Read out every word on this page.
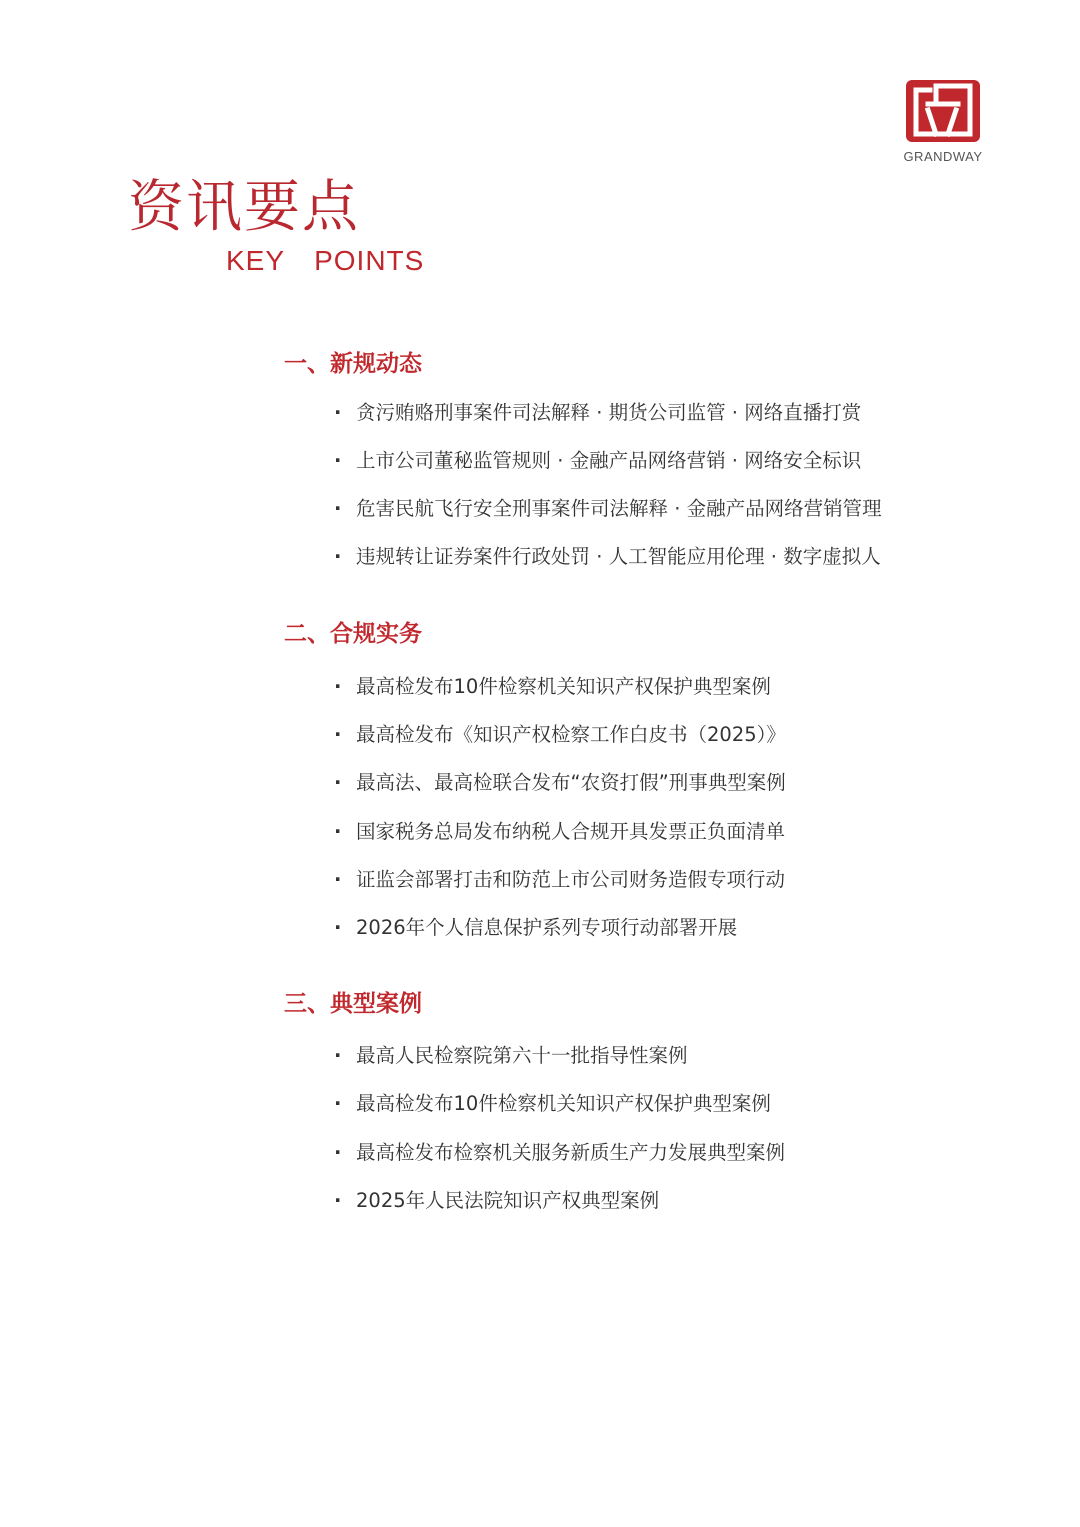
GRANDWAY
资讯要点
KEY  POINTS
一、新规动态
· 贪污贿赂刑事案件司法解释 · 期货公司监管 · 网络直播打赏
· 上市公司董秘监管规则 · 金融产品网络营销 · 网络安全标识
· 危害民航飞行安全刑事案件司法解释 · 金融产品网络营销管理
· 违规转让证券案件行政处罚 · 人工智能应用伦理 · 数字虚拟人
二、合规实务
· 最高检发布10件检察机关知识产权保护典型案例
· 最高检发布《知识产权检察工作白皮书（2025）》
· 最高法、最高检联合发布“农资打假”刑事典型案例
· 国家税务总局发布纳税人合规开具发票正负面清单
· 证监会部署打击和防范上市公司财务造假专项行动
· 2026年个人信息保护系列专项行动部署开展
三、典型案例
· 最高人民检察院第六十一批指导性案例
· 最高检发布10件检察机关知识产权保护典型案例
· 最高检发布检察机关服务新质生产力发展典型案例
· 2025年人民法院知识产权典型案例
